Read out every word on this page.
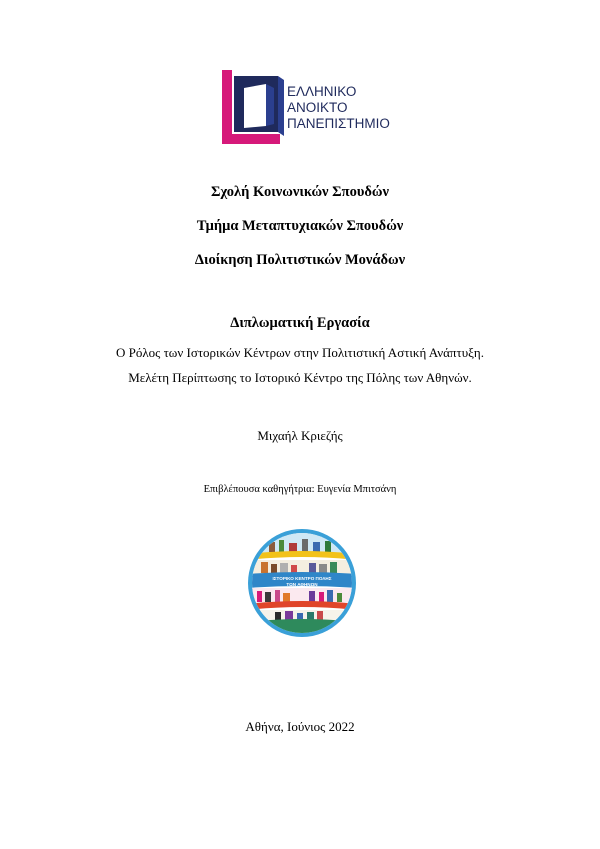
ΕΛΛΗΝΙΚΟ
ΑΝΟΙΚΤΟ
ΠΑΝΕΠΙΣΤΗΜΙΟ
Σχολή Κοινωνικών Σπουδών
Τμήμα Μεταπτυχιακών Σπουδών
Διοίκηση Πολιτιστικών Μονάδων
Διπλωματική Εργασία
Ο Ρόλος των Ιστορικών Κέντρων στην Πολιτιστική Αστική Ανάπτυξη.
Μελέτη Περίπτωσης το Ιστορικό Κέντρο της Πόλης των Αθηνών.
Μιχαήλ Κριεζής
Επιβλέπουσα καθηγήτρια: Ευγενία Μπιτσάνη
ΙΣΤΟΡΙΚΟ ΚΕΝΤΡΟ ΠΟΛΗΣ
ΤΩΝ ΑΘΗΝΩΝ
Αθήνα, Ιούνιος 2022
